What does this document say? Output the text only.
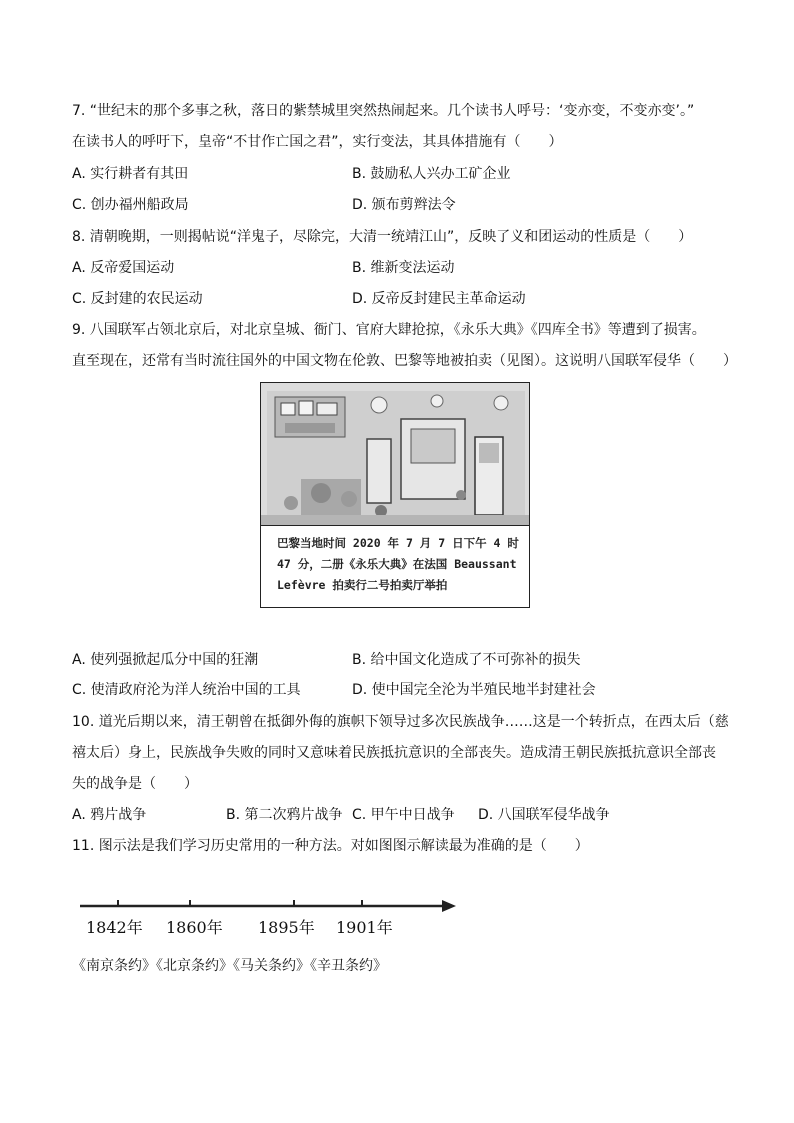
7. “世纪末的那个多事之秋，落日的紫禁城里突然热闹起来。几个读书人呼号：‘变亦变，不变亦变’。”
在读书人的呼吁下，皇帝“不甘作亡国之君”，实行变法，其具体措施有（　　）
A. 实行耕者有其田	B. 鼓励私人兴办工矿企业
C. 创办福州船政局	D. 颁布剪辫法令
8. 清朝晚期，一则揭帖说“洋鬼子，尽除完，大清一统靖江山”，反映了义和团运动的性质是（　　）
A. 反帝爱国运动	B. 维新变法运动
C. 反封建的农民运动	D. 反帝反封建民主革命运动
9. 八国联军占领北京后，对北京皇城、衙门、官府大肆抢掠，《永乐大典》《四库全书》等遭到了损害。
直至现在，还常有当时流往国外的中国文物在伦敦、巴黎等地被拍卖（见图）。这说明八国联军侵华（　　）
巴黎当地时间 2020 年 7 月 7 日下午 4 时
47 分，二册《永乐大典》在法国 Beaussant
Lefèvre 拍卖行二号拍卖厅举拍
A. 使列强掀起瓜分中国的狂潮	B. 给中国文化造成了不可弥补的损失
C. 使清政府沦为洋人统治中国的工具	D. 使中国完全沦为半殖民地半封建社会
10. 道光后期以来，清王朝曾在抵御外侮的旗帜下领导过多次民族战争……这是一个转折点，在西太后（慈
禧太后）身上，民族战争失败的同时又意味着民族抵抗意识的全部丧失。造成清王朝民族抵抗意识全部丧
失的战争是（　　）
A. 鸦片战争	B. 第二次鸦片战争 C. 甲午中日战争 D. 八国联军侵华战争
11. 图示法是我们学习历史常用的一种方法。对如图图示解读最为准确的是（　　）
1842年 1860年 1895年 1901年
《南京条约》《北京条约》《马关条约》《辛丑条约》
